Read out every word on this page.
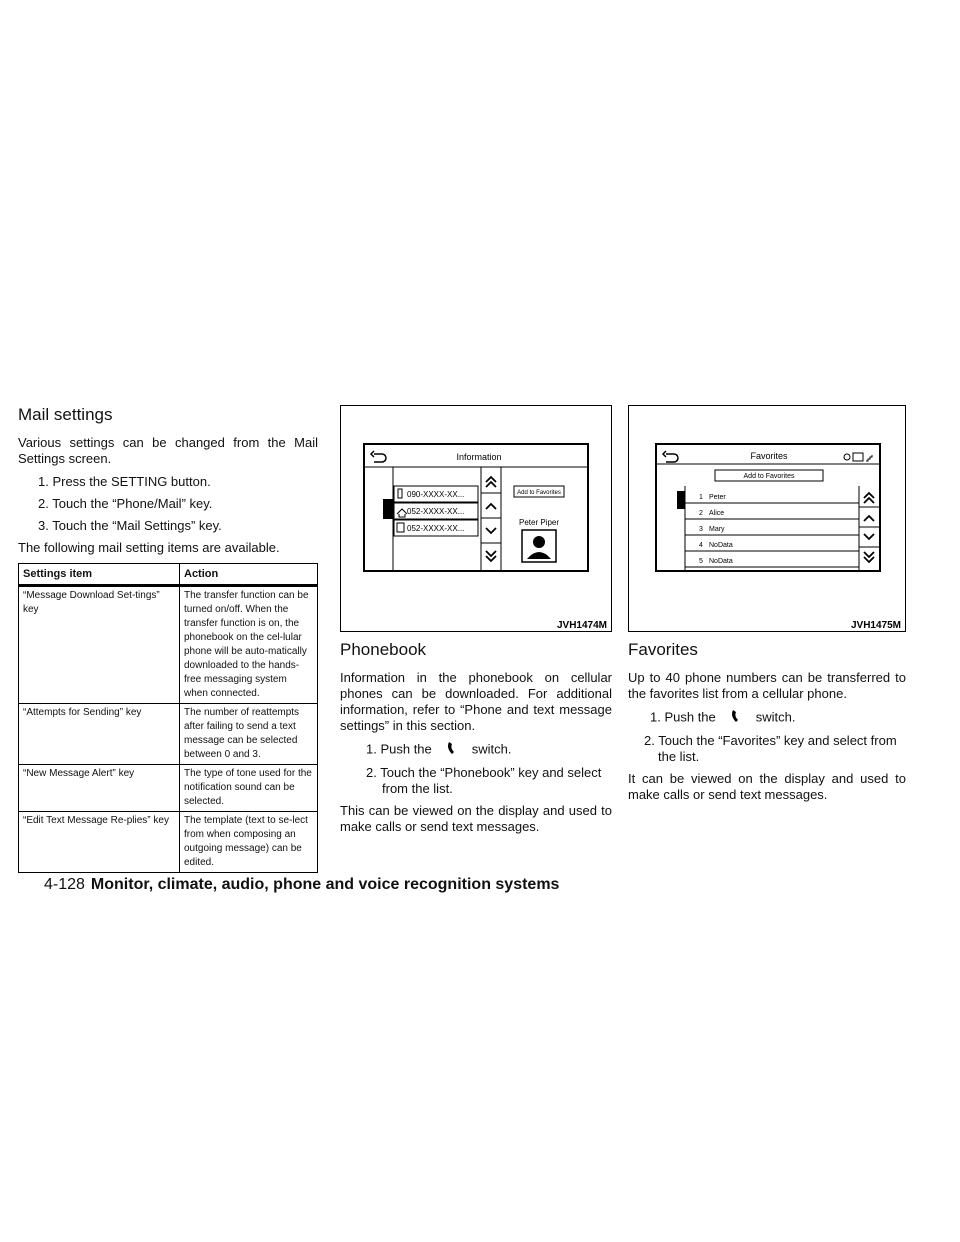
Mail settings

Various settings can be changed from the Mail Settings screen.

1. Press the SETTING button.
2. Touch the “Phone/Mail” key.
3. Touch the “Mail Settings” key.

The following mail setting items are available.

Settings item	Action
“Message Download Set-tings” key	The transfer function can be turned on/off. When the transfer function is on, the phonebook on the cel-lular phone will be auto-matically downloaded to the hands-free messaging system when connected.
“Attempts for Sending” key	The number of reattempts after failing to send a text message can be selected between 0 and 3.
“New Message Alert” key	The type of tone used for the notification sound can be selected.
“Edit Text Message Re-plies” key	The template (text to se-lect from when composing an outgoing message) can be edited.
Information
090-XXXX-XX...
052-XXXX-XX...
052-XXXX-XX...
Add to Favorites
Peter Piper
JVH1474M
Phonebook

Information in the phonebook on cellular phones can be downloaded. For additional information, refer to “Phone and text message settings” in this section.

1. Push the	switch.
2. Touch the “Phonebook” key and select from the list.

This can be viewed on the display and used to make calls or send text messages.

Favorites
Add to Favorites
1 Peter
2 Alice
3 Mary
4 NoData
5 NoData
JVH1475M
Favorites

Up to 40 phone numbers can be transferred to the favorites list from a cellular phone.

1. Push the	switch.
2. Touch the “Favorites” key and select from the list.

It can be viewed on the display and used to make calls or send text messages.

4-128 Monitor, climate, audio, phone and voice recognition systems
